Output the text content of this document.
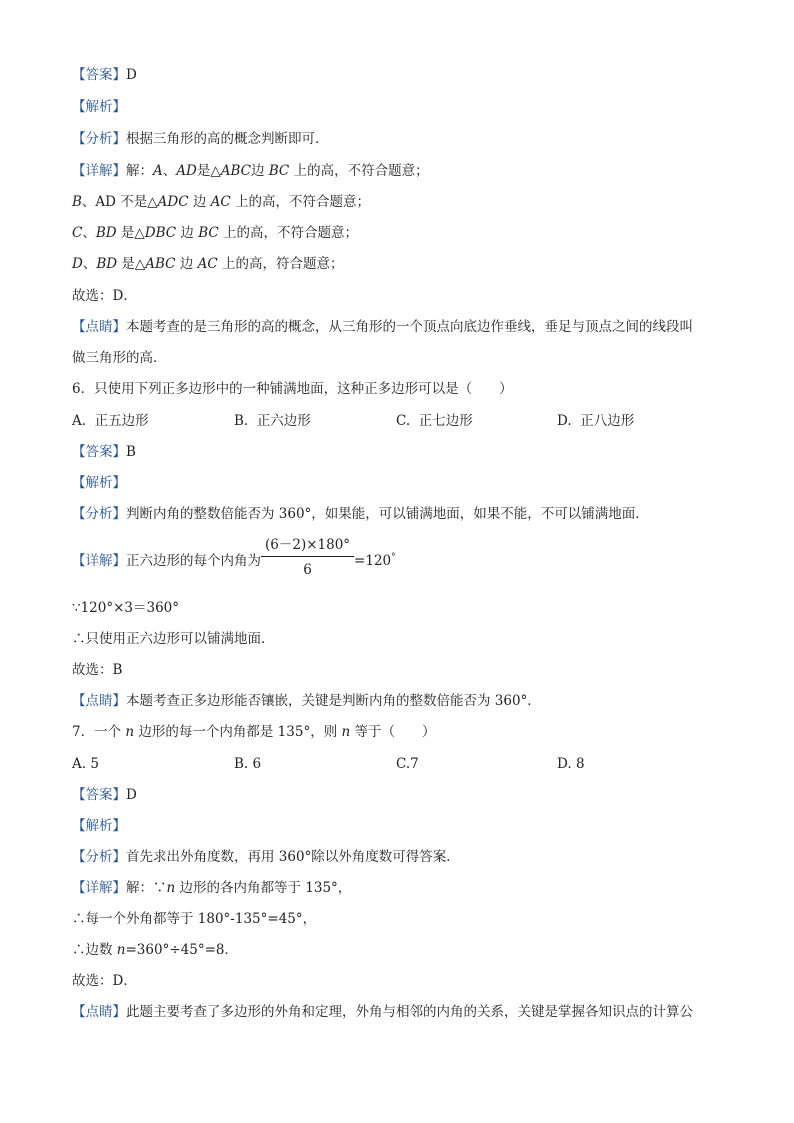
【答案】D
【解析】
【分析】根据三角形的高的概念判断即可．
【详解】解：A、AD是△ABC边 BC 上的高，不符合题意；
B、AD 不是△ADC 边 AC 上的高，不符合题意；
C、BD 是△DBC 边 BC 上的高，不符合题意；
D、BD 是△ABC 边 AC 上的高，符合题意；
故选：D．
【点睛】本题考查的是三角形的高的概念，从三角形的一个顶点向底边作垂线，垂足与顶点之间的线段叫
做三角形的高．
6．只使用下列正多边形中的一种铺满地面，这种正多边形可以是（　　）
A. 正五边形	B. 正六边形	C. 正七边形	D. 正八边形
【答案】B
【解析】
【分析】判断内角的整数倍能否为 360°，如果能，可以铺满地面，如果不能，不可以铺满地面．
【详解】正六边形的每个内角为 $\frac{(6-2)\times 180^\circ}{6} =120^\circ$
∵120°×3＝360°
∴只使用正六边形可以铺满地面．
故选：B
【点睛】本题考查正多边形能否镶嵌，关键是判断内角的整数倍能否为 360°．
7．一个 n 边形的每一个内角都是 135°，则 n 等于（　　）
A. 5	B. 6	C.7	D. 8
【答案】D
【解析】
【分析】首先求出外角度数，再用 360°除以外角度数可得答案．
【详解】解：∵n 边形的各内角都等于 135°，
∴每一个外角都等于 180°-135°=45°，
∴边数 n=360°÷45°=8．
故选：D．
【点睛】此题主要考查了多边形的外角和定理，外角与相邻的内角的关系，关键是掌握各知识点的计算公
